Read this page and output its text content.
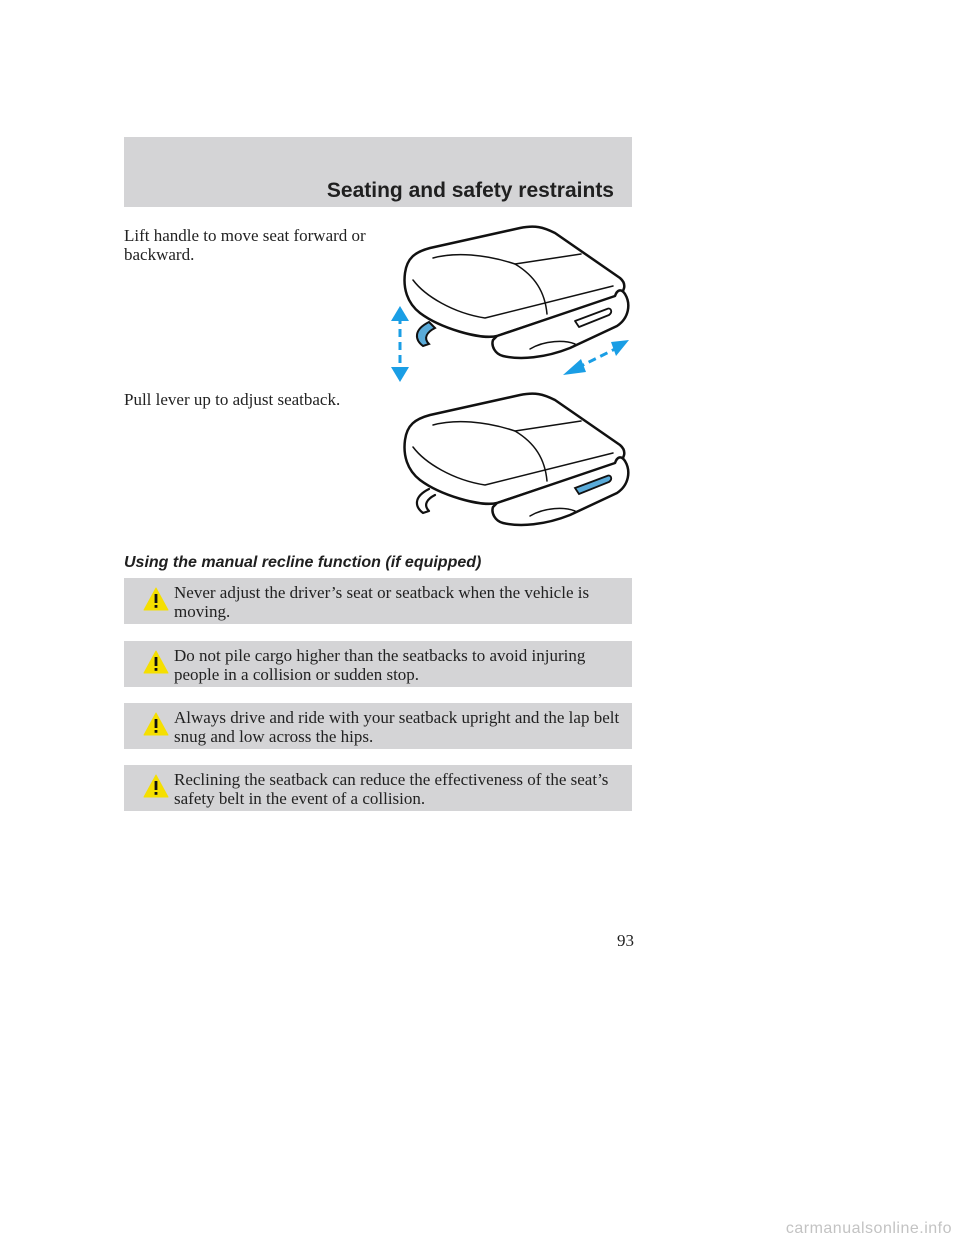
Seating and safety restraints

Lift handle to move seat forward or backward.

Pull lever up to adjust seatback.

Using the manual recline function (if equipped)

Never adjust the driver’s seat or seatback when the vehicle is moving.

Do not pile cargo higher than the seatbacks to avoid injuring people in a collision or sudden stop.

Always drive and ride with your seatback upright and the lap belt snug and low across the hips.

Reclining the seatback can reduce the effectiveness of the seat’s safety belt in the event of a collision.

93

carmanualsonline.info
